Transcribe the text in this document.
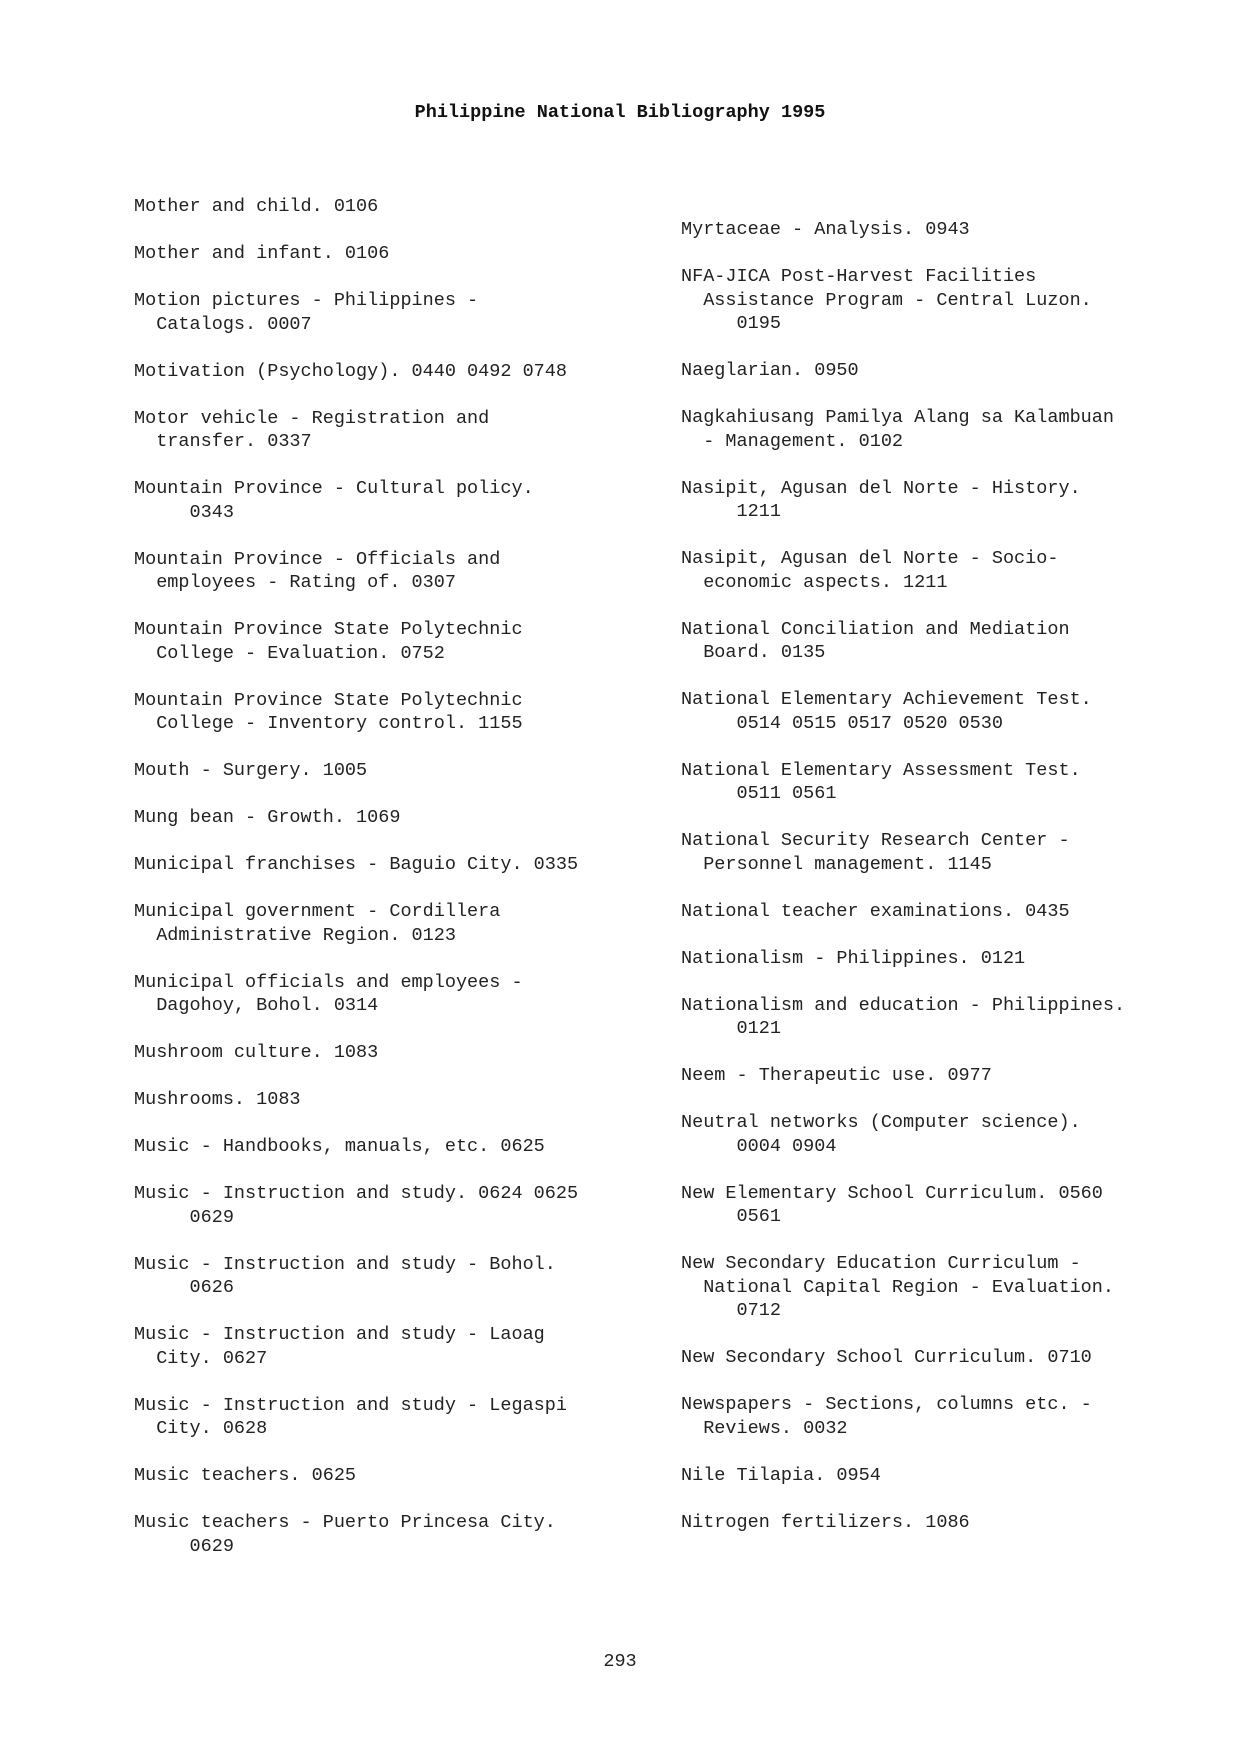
Philippine National Bibliography 1995
Mother and child. 0106
Mother and infant. 0106
Motion pictures - Philippines -
Catalogs. 0007
Motivation (Psychology). 0440 0492 0748
Motor vehicle - Registration and
transfer. 0337
Mountain Province - Cultural policy.
0343
Mountain Province - Officials and
employees - Rating of. 0307
Mountain Province State Polytechnic
College - Evaluation. 0752
Mountain Province State Polytechnic
College - Inventory control. 1155
Mouth - Surgery. 1005
Mung bean - Growth. 1069
Municipal franchises - Baguio City. 0335
Municipal government - Cordillera
Administrative Region. 0123
Municipal officials and employees -
Dagohoy, Bohol. 0314
Mushroom culture. 1083
Mushrooms. 1083
Music - Handbooks, manuals, etc. 0625
Music - Instruction and study. 0624 0625
0629
Music - Instruction and study - Bohol.
0626
Music - Instruction and study - Laoag
City. 0627
Music - Instruction and study - Legaspi
City. 0628
Music teachers. 0625
Music teachers - Puerto Princesa City.
0629
Myrtaceae - Analysis. 0943
NFA-JICA Post-Harvest Facilities
Assistance Program - Central Luzon.
0195
Naeglarian. 0950
Nagkahiusang Pamilya Alang sa Kalambuan
- Management. 0102
Nasipit, Agusan del Norte - History.
1211
Nasipit, Agusan del Norte - Socio-
economic aspects. 1211
National Conciliation and Mediation
Board. 0135
National Elementary Achievement Test.
0514 0515 0517 0520 0530
National Elementary Assessment Test.
0511 0561
National Security Research Center -
Personnel management. 1145
National teacher examinations. 0435
Nationalism - Philippines. 0121
Nationalism and education - Philippines.
0121
Neem - Therapeutic use. 0977
Neutral networks (Computer science).
0004 0904
New Elementary School Curriculum. 0560
0561
New Secondary Education Curriculum -
National Capital Region - Evaluation.
0712
New Secondary School Curriculum. 0710
Newspapers - Sections, columns etc. -
Reviews. 0032
Nile Tilapia. 0954
Nitrogen fertilizers. 1086
293
